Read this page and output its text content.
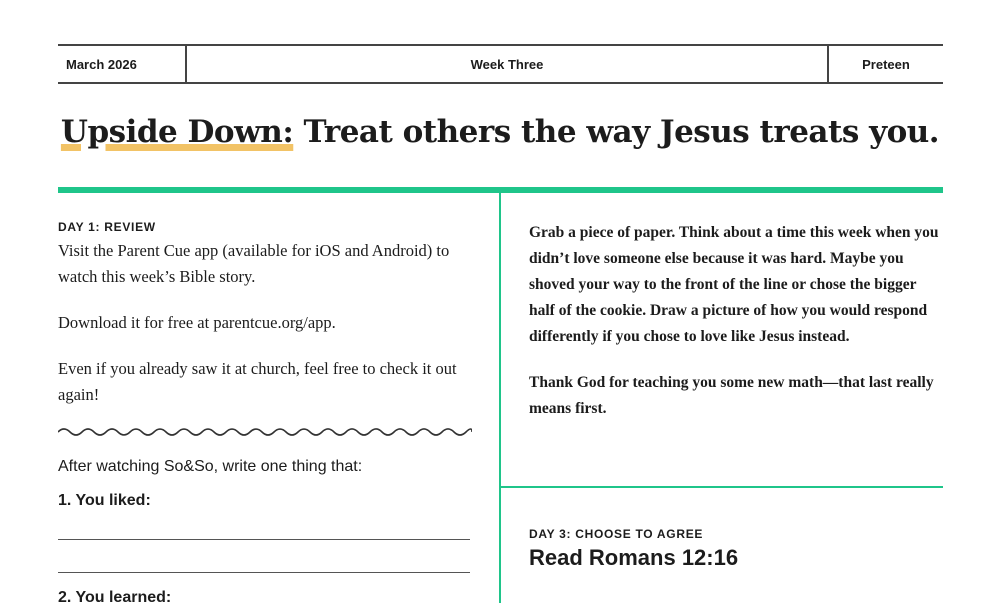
March 2026	Week Three	Preteen
Upside Down: Treat others the way Jesus treats you.

DAY 1: REVIEW

Visit the Parent Cue app (available for iOS and Android) to watch this week’s Bible story.

Download it for free at parentcue.org/app.

Even if you already saw it at church, feel free to check it out again!

After watching So&So, write one thing that:
1. You liked:
2. You learned:

Grab a piece of paper. Think about a time this week when you didn’t love someone else because it was hard. Maybe you shoved your way to the front of the line or chose the bigger half of the cookie. Draw a picture of how you would respond differently if you chose to love like Jesus instead.

Thank God for teaching you some new math—that last really means first.

DAY 3: CHOOSE TO AGREE

Read Romans 12:16
